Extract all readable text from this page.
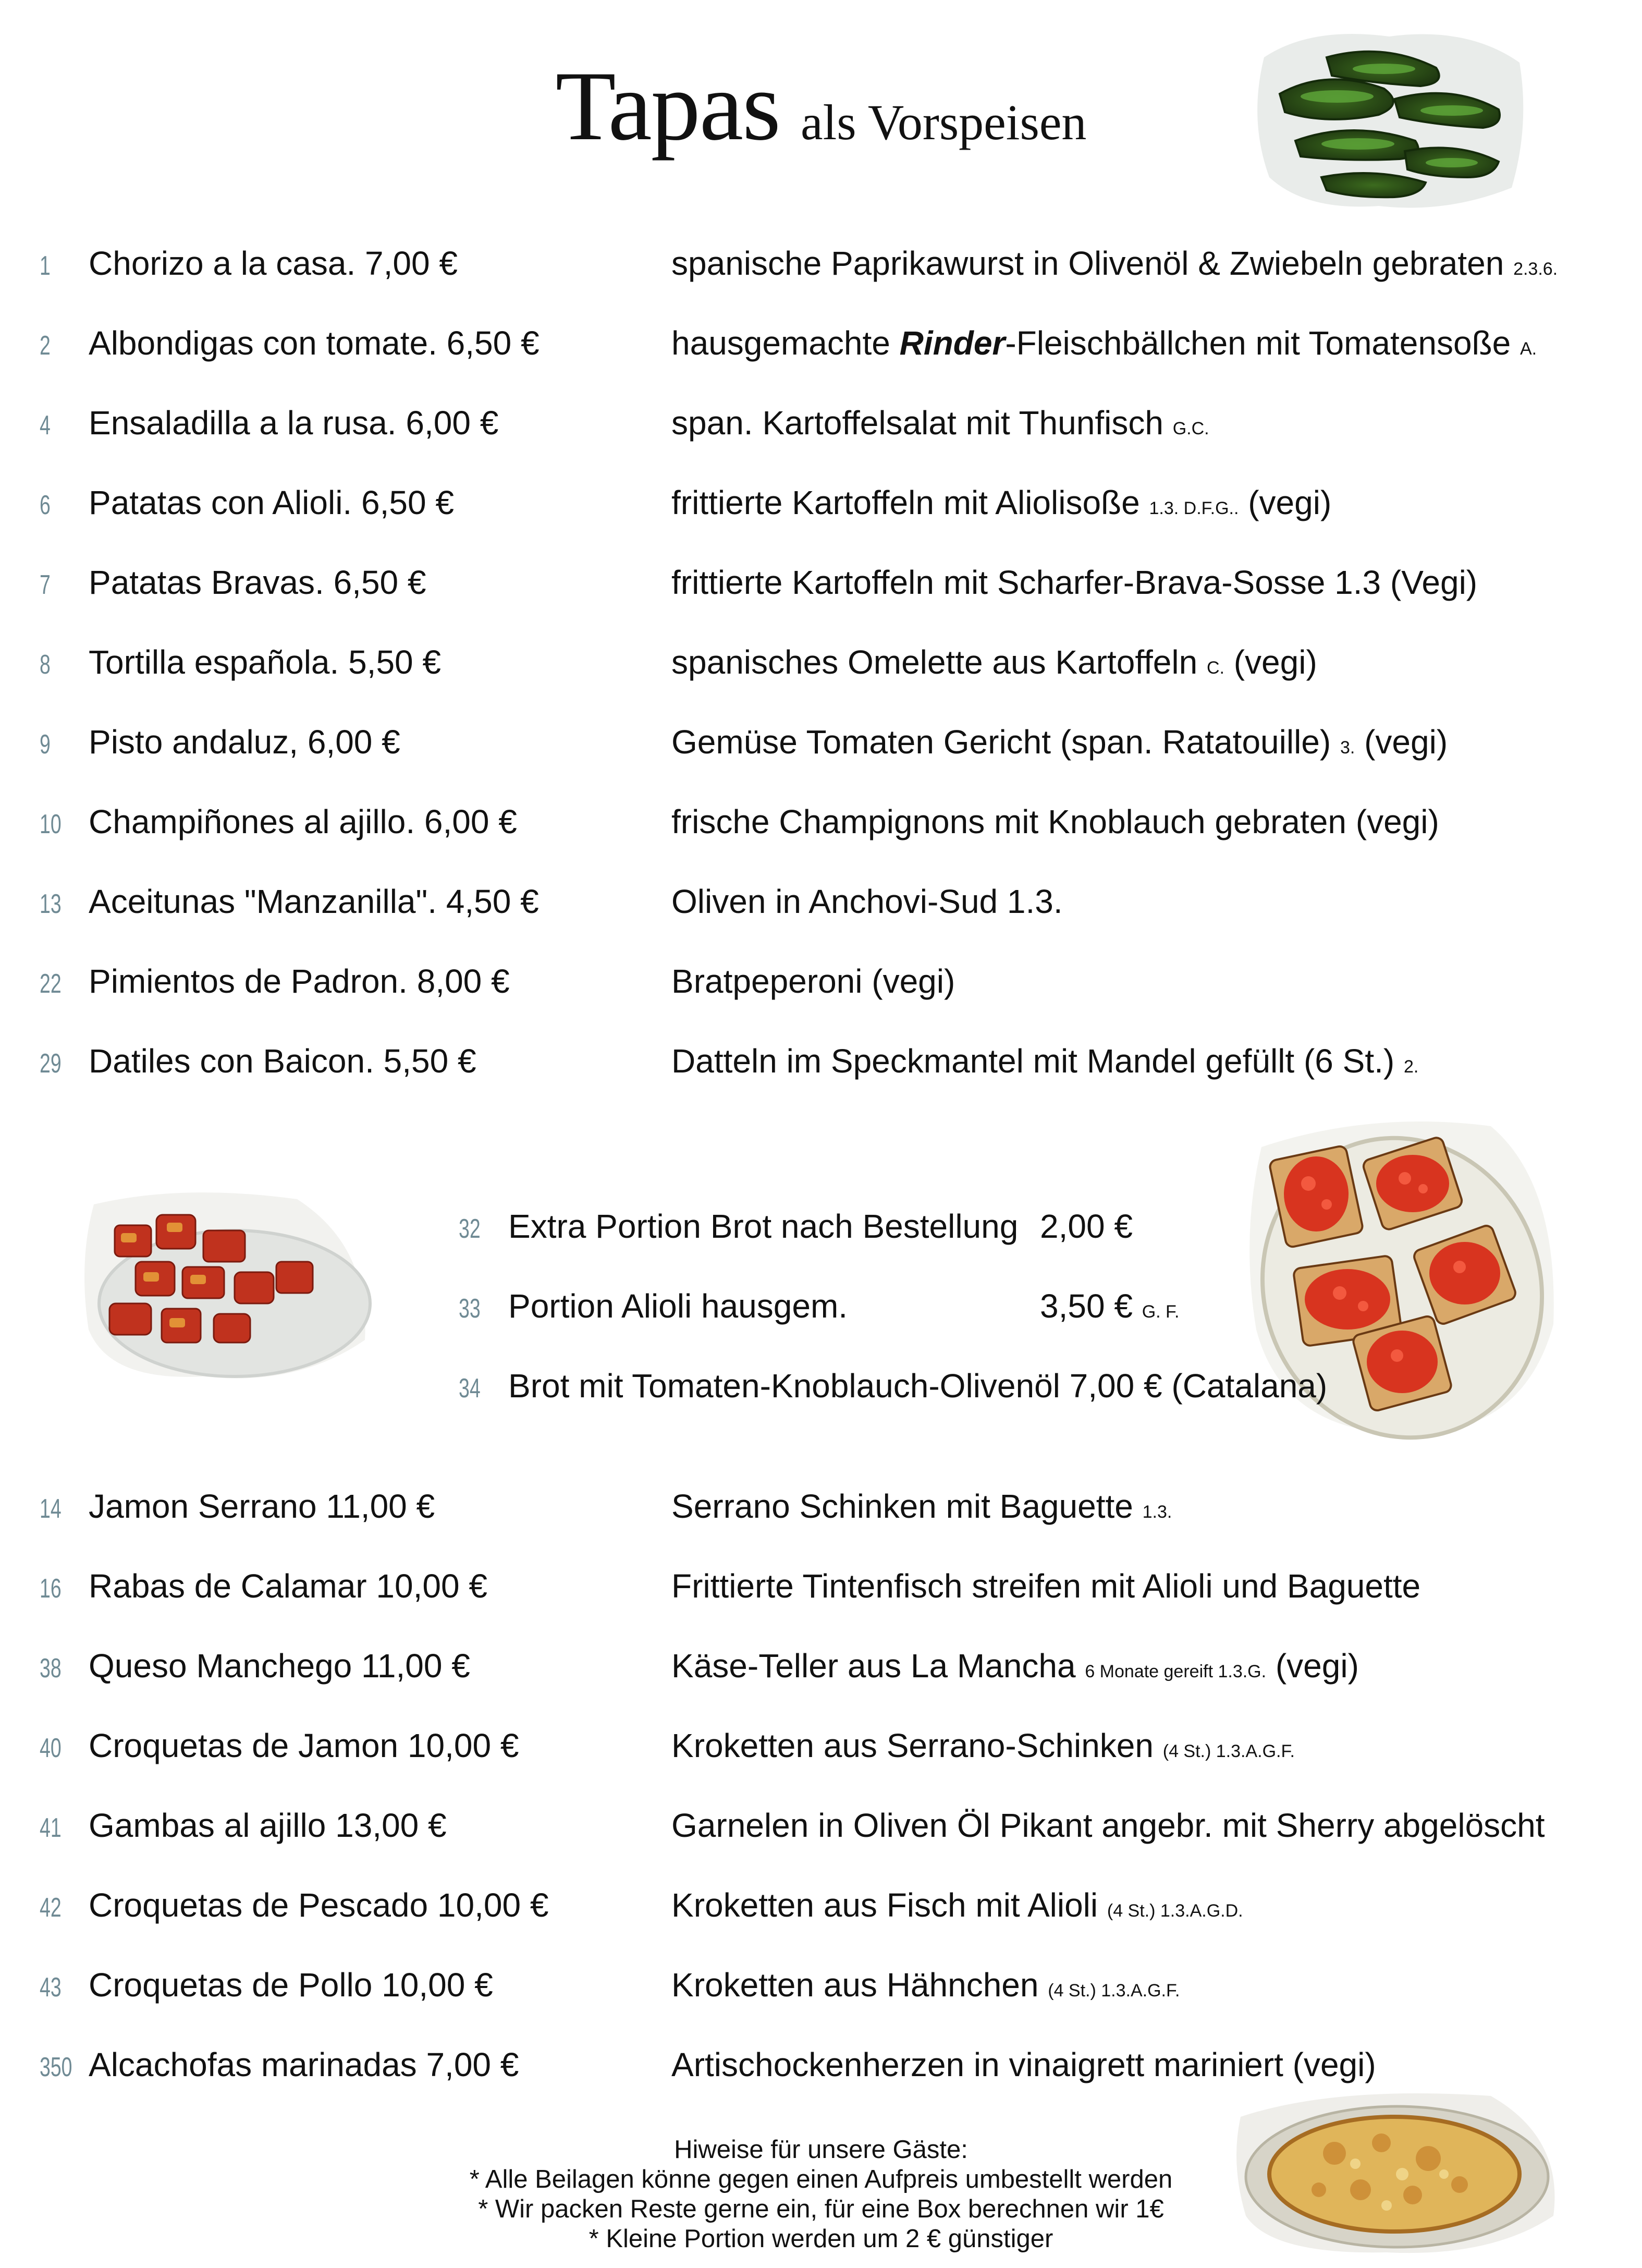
Tapas als Vorspeisen
1 Chorizo a la casa. 7,00 €	spanische Paprikawurst in Olivenöl & Zwiebeln gebraten 2.3.6.
2 Albondigas con tomate. 6,50 €	hausgemachte Rinder-Fleischbällchen mit Tomatensoße A.
4 Ensaladilla a la rusa. 6,00 €	span. Kartoffelsalat mit Thunfisch G.C.
6 Patatas con Alioli. 6,50 €	frittierte Kartoffeln mit Aliolisoße 1.3. D.F.G.. (vegi)
7 Patatas Bravas. 6,50 €	frittierte Kartoffeln mit Scharfer-Brava-Sosse 1.3 (Vegi)
8 Tortilla española. 5,50 €	spanisches Omelette aus Kartoffeln C. (vegi)
9 Pisto andaluz, 6,00 €	Gemüse Tomaten Gericht (span. Ratatouille) 3. (vegi)
10 Champiñones al ajillo. 6,00 €	frische Champignons mit Knoblauch gebraten (vegi)
13 Aceitunas "Manzanilla". 4,50 €	Oliven in Anchovi-Sud 1.3.
22 Pimientos de Padron. 8,00 €	Bratpeperoni (vegi)
29 Datiles con Baicon. 5,50 €	Datteln im Speckmantel mit Mandel gefüllt (6 St.) 2.
32 Extra Portion Brot nach Bestellung 2,00 €
33 Portion Alioli hausgem.	3,50 € G. F.
34 Brot mit Tomaten-Knoblauch-Olivenöl 7,00 € (Catalana)
14 Jamon Serrano 11,00 €	Serrano Schinken mit Baguette 1.3.
16 Rabas de Calamar 10,00 €	Frittierte Tintenfisch streifen mit Alioli und Baguette
38 Queso Manchego 11,00 €	Käse-Teller aus La Mancha 6 Monate gereift 1.3.G. (vegi)
40 Croquetas de Jamon 10,00 €	Kroketten aus Serrano-Schinken (4 St.) 1.3.A.G.F.
41 Gambas al ajillo 13,00 €	Garnelen in Oliven Öl Pikant angebr. mit Sherry abgelöscht
42 Croquetas de Pescado 10,00 €	Kroketten aus Fisch mit Alioli (4 St.) 1.3.A.G.D.
43 Croquetas de Pollo 10,00 €	Kroketten aus Hähnchen (4 St.) 1.3.A.G.F.
350 Alcachofas marinadas 7,00 €	Artischockenherzen in vinaigrett mariniert (vegi)
Hiweise für unsere Gäste:
* Alle Beilagen könne gegen einen Aufpreis umbestellt werden
* Wir packen Reste gerne ein, für eine Box berechnen wir 1€
* Kleine Portion werden um 2 € günstiger
